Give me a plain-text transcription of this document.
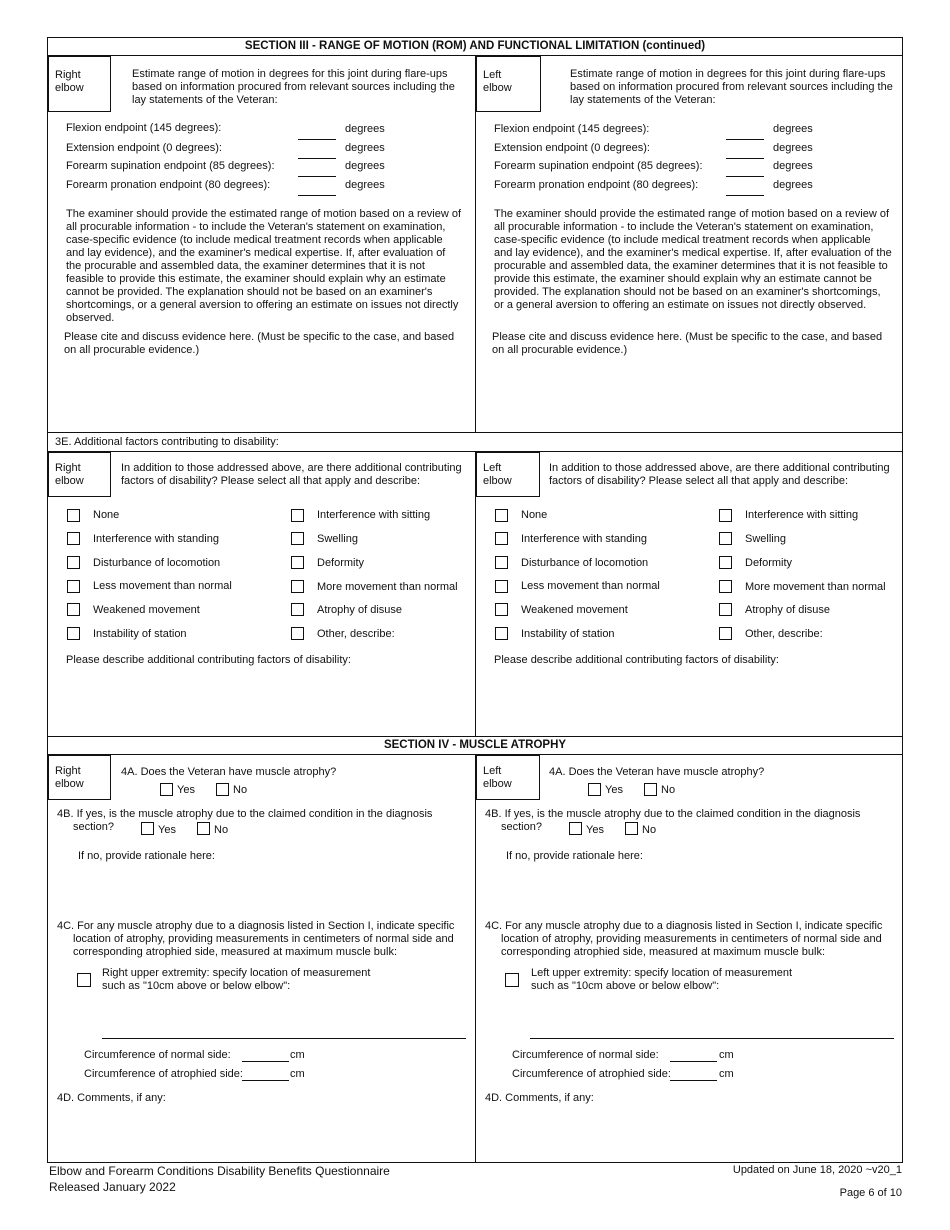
SECTION III - RANGE OF MOTION (ROM) AND FUNCTIONAL LIMITATION (continued)
Right
elbow
Estimate range of motion in degrees for this joint during flare-ups based on information procured from relevant sources including the lay statements of the Veteran:
Flexion endpoint (145 degrees):	degrees
Extension endpoint (0 degrees):	degrees
Forearm supination endpoint (85 degrees):	degrees
Forearm pronation endpoint (80 degrees):	degrees
The examiner should provide the estimated range of motion based on a review of all procurable information - to include the Veteran's statement on examination, case-specific evidence (to include medical treatment records when applicable and lay evidence), and the examiner's medical expertise. If, after evaluation of the procurable and assembled data, the examiner determines that it is not feasible to provide this estimate, the examiner should explain why an estimate cannot be provided. The explanation should not be based on an examiner's shortcomings, or a general aversion to offering an estimate on issues not directly observed.
Please cite and discuss evidence here. (Must be specific to the case, and based on all procurable evidence.)
Left
elbow
Estimate range of motion in degrees for this joint during flare-ups based on information procured from relevant sources including the lay statements of the Veteran:
Flexion endpoint (145 degrees):	degrees
Extension endpoint (0 degrees):	degrees
Forearm supination endpoint (85 degrees):	degrees
Forearm pronation endpoint (80 degrees):	degrees
The examiner should provide the estimated range of motion based on a review of all procurable information - to include the Veteran's statement on examination, case-specific evidence (to include medical treatment records when applicable and lay evidence), and the examiner's medical expertise. If, after evaluation of the procurable and assembled data, the examiner determines that it is not feasible to provide this estimate, the examiner should explain why an estimate cannot be provided. The explanation should not be based on an examiner's shortcomings, or a general aversion to offering an estimate on issues not directly observed.
Please cite and discuss evidence here. (Must be specific to the case, and based on all procurable evidence.)
3E. Additional factors contributing to disability:
Right
elbow
In addition to those addressed above, are there additional contributing factors of disability? Please select all that apply and describe:
None
Interference with standing
Disturbance of locomotion
Less movement than normal
Weakened movement
Instability of station
Interference with sitting
Swelling
Deformity
More movement than normal
Atrophy of disuse
Other, describe:
Please describe additional contributing factors of disability:
Left
elbow
In addition to those addressed above, are there additional contributing factors of disability? Please select all that apply and describe:
None
Interference with standing
Disturbance of locomotion
Less movement than normal
Weakened movement
Instability of station
Interference with sitting
Swelling
Deformity
More movement than normal
Atrophy of disuse
Other, describe:
Please describe additional contributing factors of disability:
SECTION IV - MUSCLE ATROPHY
Right
elbow
4A. Does the Veteran have muscle atrophy?
Yes	No
4B. If yes, is the muscle atrophy due to the claimed condition in the diagnosis
section?	Yes	No
If no, provide rationale here:
4C. For any muscle atrophy due to a diagnosis listed in Section I, indicate specific
location of atrophy, providing measurements in centimeters of normal side and
corresponding atrophied side, measured at maximum muscle bulk:
Right upper extremity: specify location of measurement
such as "10cm above or below elbow":
Circumference of normal side:	cm
Circumference of atrophied side:	cm
4D. Comments, if any:
Left
elbow
4A. Does the Veteran have muscle atrophy?
Yes	No
4B. If yes, is the muscle atrophy due to the claimed condition in the diagnosis
section?	Yes	No
If no, provide rationale here:
4C. For any muscle atrophy due to a diagnosis listed in Section I, indicate specific
location of atrophy, providing measurements in centimeters of normal side and
corresponding atrophied side, measured at maximum muscle bulk:
Left upper extremity: specify location of measurement
such as "10cm above or below elbow":
Circumference of normal side:	cm
Circumference of atrophied side:	cm
4D. Comments, if any:
Elbow and Forearm Conditions Disability Benefits Questionnaire
Released January 2022
Updated on June 18, 2020 ~v20_1
Page 6 of 10
